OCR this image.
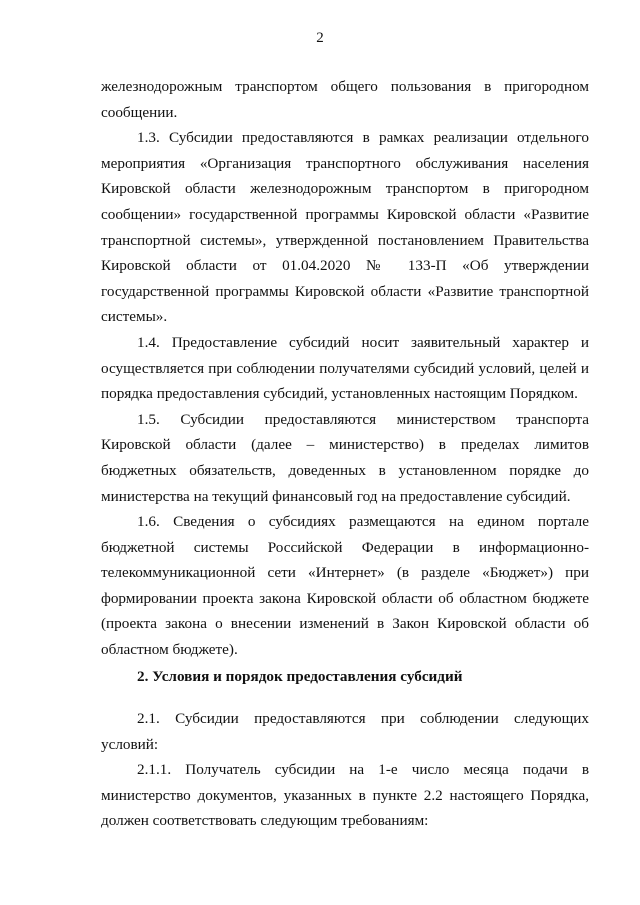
2

железнодорожным транспортом общего пользования в пригородном сообщении.

1.3. Субсидии предоставляются в рамках реализации отдельного мероприятия «Организация транспортного обслуживания населения Кировской области железнодорожным транспортом в пригородном сообщении» государственной программы Кировской области «Развитие транспортной системы», утвержденной постановлением Правительства Кировской области от 01.04.2020 № 133-П «Об утверждении государственной программы Кировской области «Развитие транспортной системы».

1.4. Предоставление субсидий носит заявительный характер и осуществляется при соблюдении получателями субсидий условий, целей и порядка предоставления субсидий, установленных настоящим Порядком.

1.5. Субсидии предоставляются министерством транспорта Кировской области (далее – министерство) в пределах лимитов бюджетных обязательств, доведенных в установленном порядке до министерства на текущий финансовый год на предоставление субсидий.

1.6. Сведения о субсидиях размещаются на едином портале бюджетной системы Российской Федерации в информационно-телекоммуникационной сети «Интернет» (в разделе «Бюджет») при формировании проекта закона Кировской области об областном бюджете (проекта закона о внесении изменений в Закон Кировской области об областном бюджете).

2. Условия и порядок предоставления субсидий

2.1. Субсидии предоставляются при соблюдении следующих условий:

2.1.1. Получатель субсидии на 1-е число месяца подачи в министерство документов, указанных в пункте 2.2 настоящего Порядка, должен соответствовать следующим требованиям:
